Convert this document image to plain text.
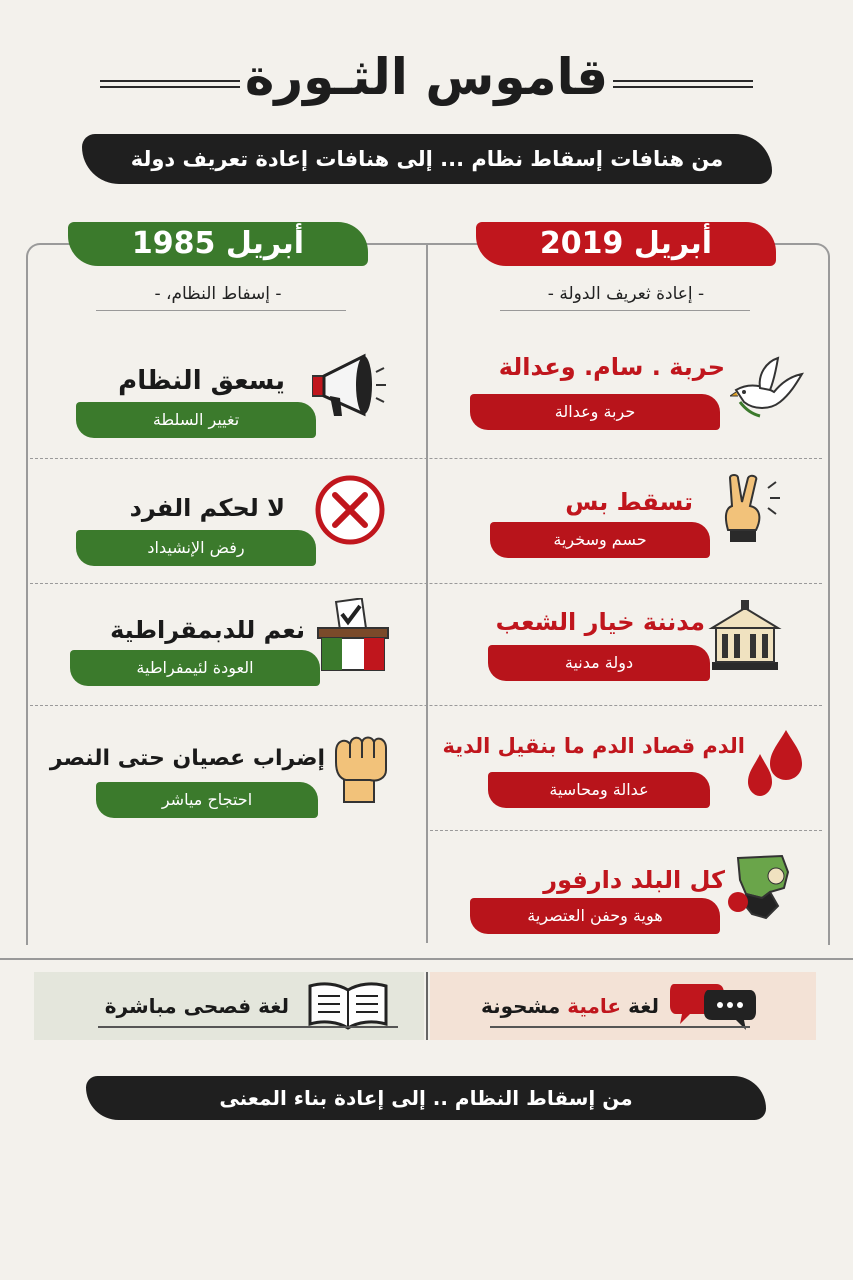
قاموس الثـورة
من هنافات إسقاط نظام ... إلى هنافات إعادة تعريف دولة
أبريل 2019
أبريل 1985
- إعادة ثعريف الدولة -
- إسفاط النظام، -
حربة . سام. وعدالة
حربة وعدالة
تسقط بس
حسم وسخرية
مدننة خيار الشعب
دولة مدنية
الدم قصاد الدم ما بنقيل الدية
عدالة ومحاسية
كل البلد دارفور
هوية وحفن العتصرية
يسعق النظام
تغيير السلطة
لا لحكم الفرد
رفض الإنشيداد
نعم للدبمقراطية
العودة لئيمفراطية
إضراب عصيان حتى النصر
احتجاح مياشر
لغة عامية مشحونة
لغة فصحى مباشرة
من إسقاط النظام .. إلى إعادة بناء المعنى
